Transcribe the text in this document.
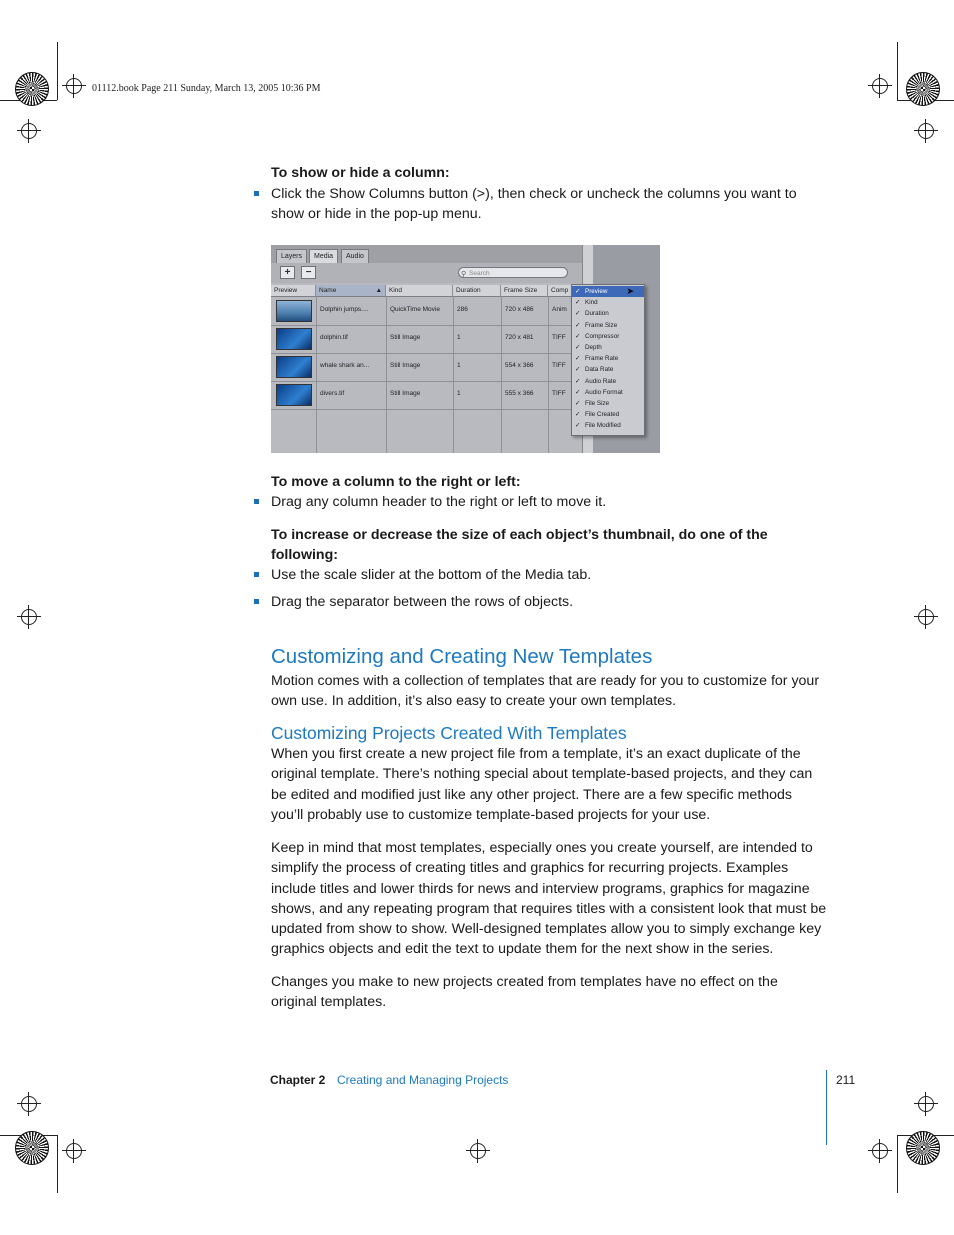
01112.book Page 211 Sunday, March 13, 2005 10:36 PM
To show or hide a column:
Click the Show Columns button (>), then check or uncheck the columns you want to show or hide in the pop-up menu.
Layers	Media	Audio
+	−	⚲ Search
Preview	Name	▲	Kind	Duration	Frame Size	Comp
Dolphin jumps....	QuickTime Movie	286	720 x 486	Anim
dolphin.tif	Still Image	1	720 x 481	TIFF
whale shark an...	Still Image	1	554 x 366	TIFF
divers.tif	Still Image	1	555 x 366	TIFF
✓ Preview ➤
✓ Kind
✓ Duration
✓ Frame Size
✓ Compressor
✓ Depth
✓ Frame Rate
✓ Data Rate
✓ Audio Rate
✓ Audio Format
✓ File Size
✓ File Created
✓ File Modified
To move a column to the right or left:
Drag any column header to the right or left to move it.
To increase or decrease the size of each object’s thumbnail, do one of the following:
Use the scale slider at the bottom of the Media tab.
Drag the separator between the rows of objects.
Customizing and Creating New Templates
Motion comes with a collection of templates that are ready for you to customize for your own use. In addition, it’s also easy to create your own templates.
Customizing Projects Created With Templates
When you first create a new project file from a template, it’s an exact duplicate of the original template. There’s nothing special about template-based projects, and they can be edited and modified just like any other project. There are a few specific methods you’ll probably use to customize template-based projects for your use.
Keep in mind that most templates, especially ones you create yourself, are intended to simplify the process of creating titles and graphics for recurring projects. Examples include titles and lower thirds for news and interview programs, graphics for magazine shows, and any repeating program that requires titles with a consistent look that must be updated from show to show. Well-designed templates allow you to simply exchange key graphics objects and edit the text to update them for the next show in the series.
Changes you make to new projects created from templates have no effect on the original templates.
Chapter 2 Creating and Managing Projects	211
